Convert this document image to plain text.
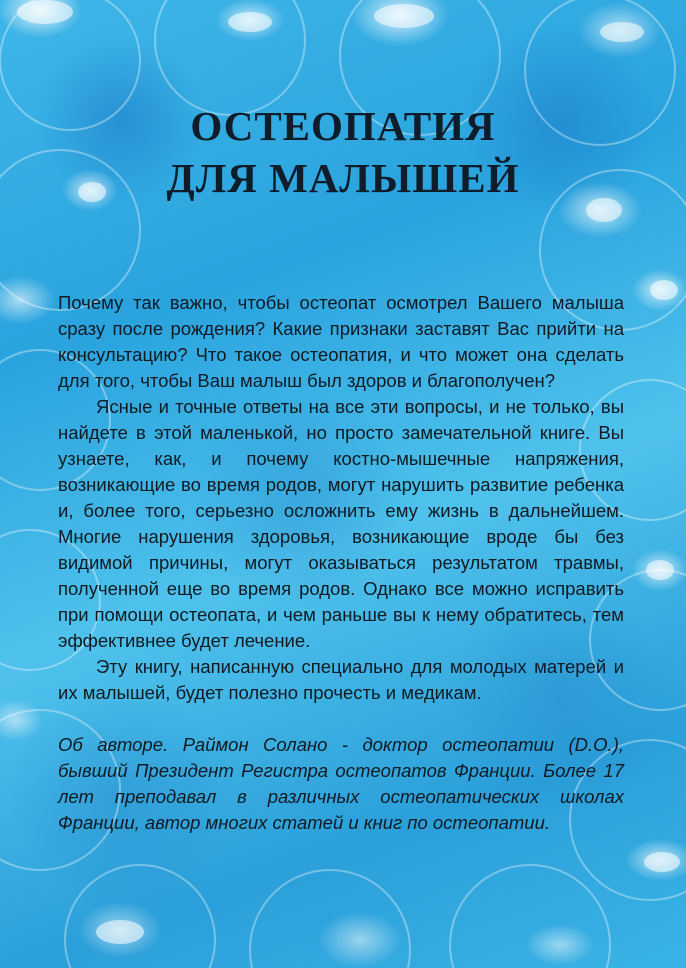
ОСТЕОПАТИЯ
ДЛЯ МАЛЫШЕЙ

Почему так важно, чтобы остеопат осмотрел Вашего малыша сразу после рождения? Какие признаки заставят Вас прийти на консультацию? Что такое остеопатия, и что может она сделать для того, чтобы Ваш малыш был здоров и благополучен?

Ясные и точные ответы на все эти вопросы, и не только, вы найдете в этой маленькой, но просто замечательной книге. Вы узнаете, как, и почему костно-мышечные напряжения, возникающие во время родов, могут нарушить развитие ребенка и, более того, серьезно осложнить ему жизнь в дальнейшем. Многие нарушения здоровья, возникающие вроде бы без видимой причины, могут оказываться результатом травмы, полученной еще во время родов. Однако все можно исправить при помощи остеопата, и чем раньше вы к нему обратитесь, тем эффективнее будет лечение.

Эту книгу, написанную специально для молодых матерей и их малышей, будет полезно прочесть и медикам.

Об авторе. Раймон Солано - доктор остеопатии (D.O.), бывший Президент Регистра остеопатов Франции. Более 17 лет преподавал в различных остеопатических школах Франции, автор многих статей и книг по остеопатии.
